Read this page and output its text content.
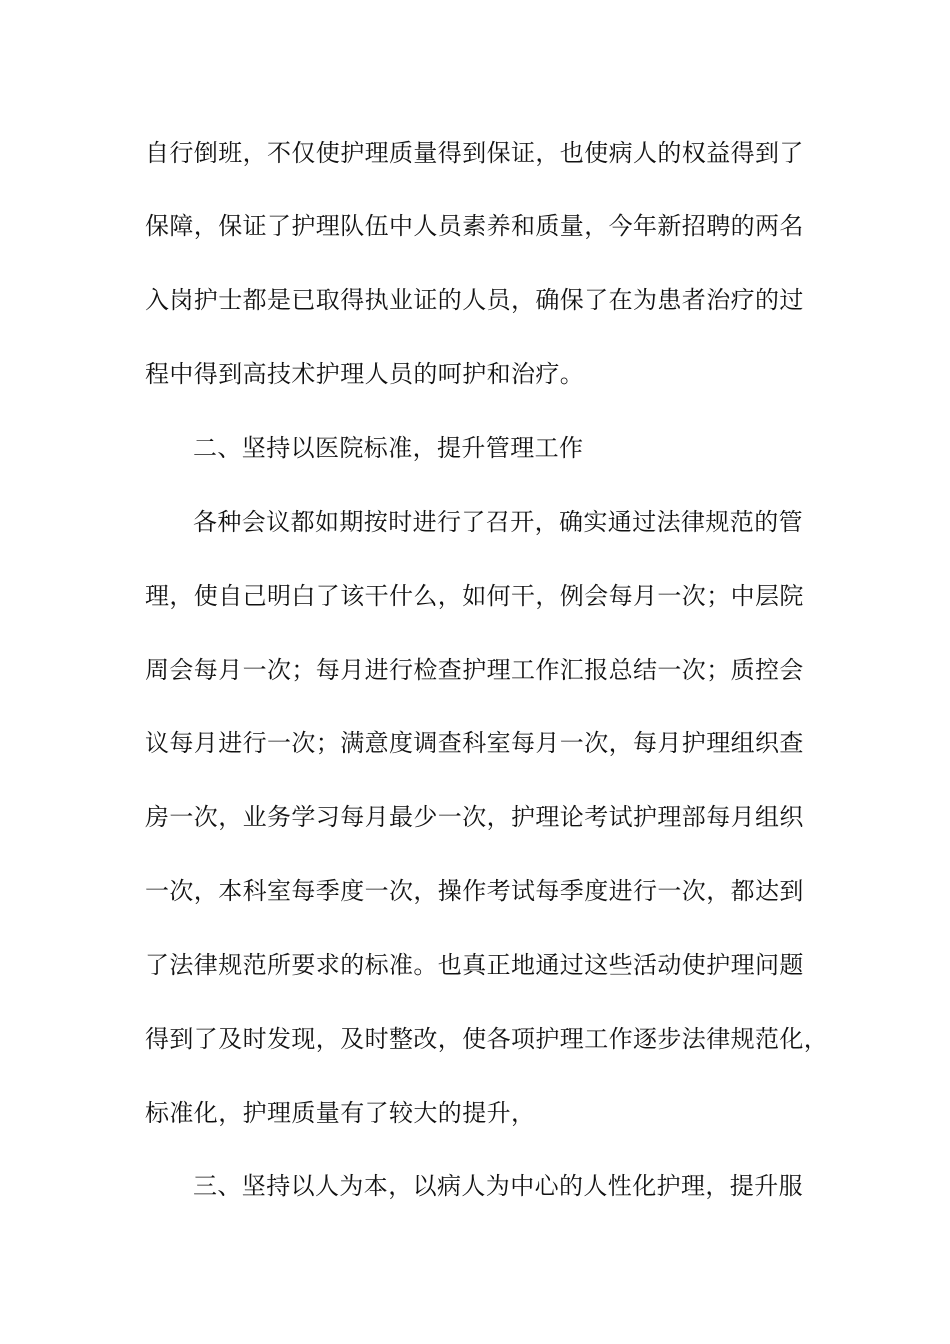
自行倒班，不仅使护理质量得到保证，也使病人的权益得到了
保障，保证了护理队伍中人员素养和质量，今年新招聘的两名
入岗护士都是已取得执业证的人员，确保了在为患者治疗的过
程中得到高技术护理人员的呵护和治疗。
二、坚持以医院标准，提升管理工作
各种会议都如期按时进行了召开，确实通过法律规范的管
理，使自己明白了该干什么，如何干，例会每月一次；中层院
周会每月一次；每月进行检查护理工作汇报总结一次；质控会
议每月进行一次；满意度调查科室每月一次，每月护理组织查
房一次，业务学习每月最少一次，护理论考试护理部每月组织
一次，本科室每季度一次，操作考试每季度进行一次，都达到
了法律规范所要求的标准。也真正地通过这些活动使护理问题
得到了及时发现，及时整改，使各项护理工作逐步法律规范化，
标准化，护理质量有了较大的提升，
三、坚持以人为本，以病人为中心的人性化护理，提升服
